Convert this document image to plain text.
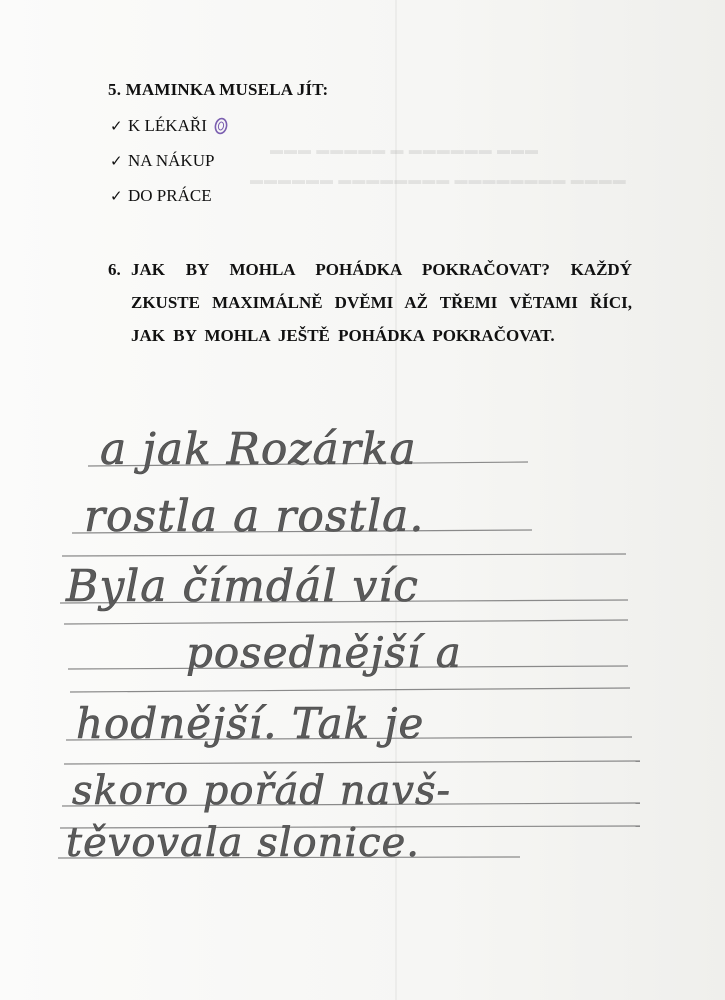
▬▬▬ ▬▬▬▬▬ ▬ ▬▬▬▬▬▬ ▬▬▬
▬▬▬▬▬▬ ▬▬▬▬▬▬▬▬ ▬▬▬▬▬▬▬▬ ▬▬▬▬
5. MAMINKA MUSELA JÍT:
✓ K LÉKAŘI
✓ NA NÁKUP
✓ DO PRÁCE
6. JAK BY MOHLA POHÁDKA POKRAČOVAT? KAŽDÝ ZKUSTE MAXIMÁLNĚ DVĚMI AŽ TŘEMI VĚTAMI ŘÍCI, JAK BY MOHLA JEŠTĚ POHÁDKA POKRAČOVAT.
a jak Rozárka
rostla a rostla.
Byla čímdál víc
posednější a
hodnější. Tak je
skoro pořád navš-
těvovala slonice.
